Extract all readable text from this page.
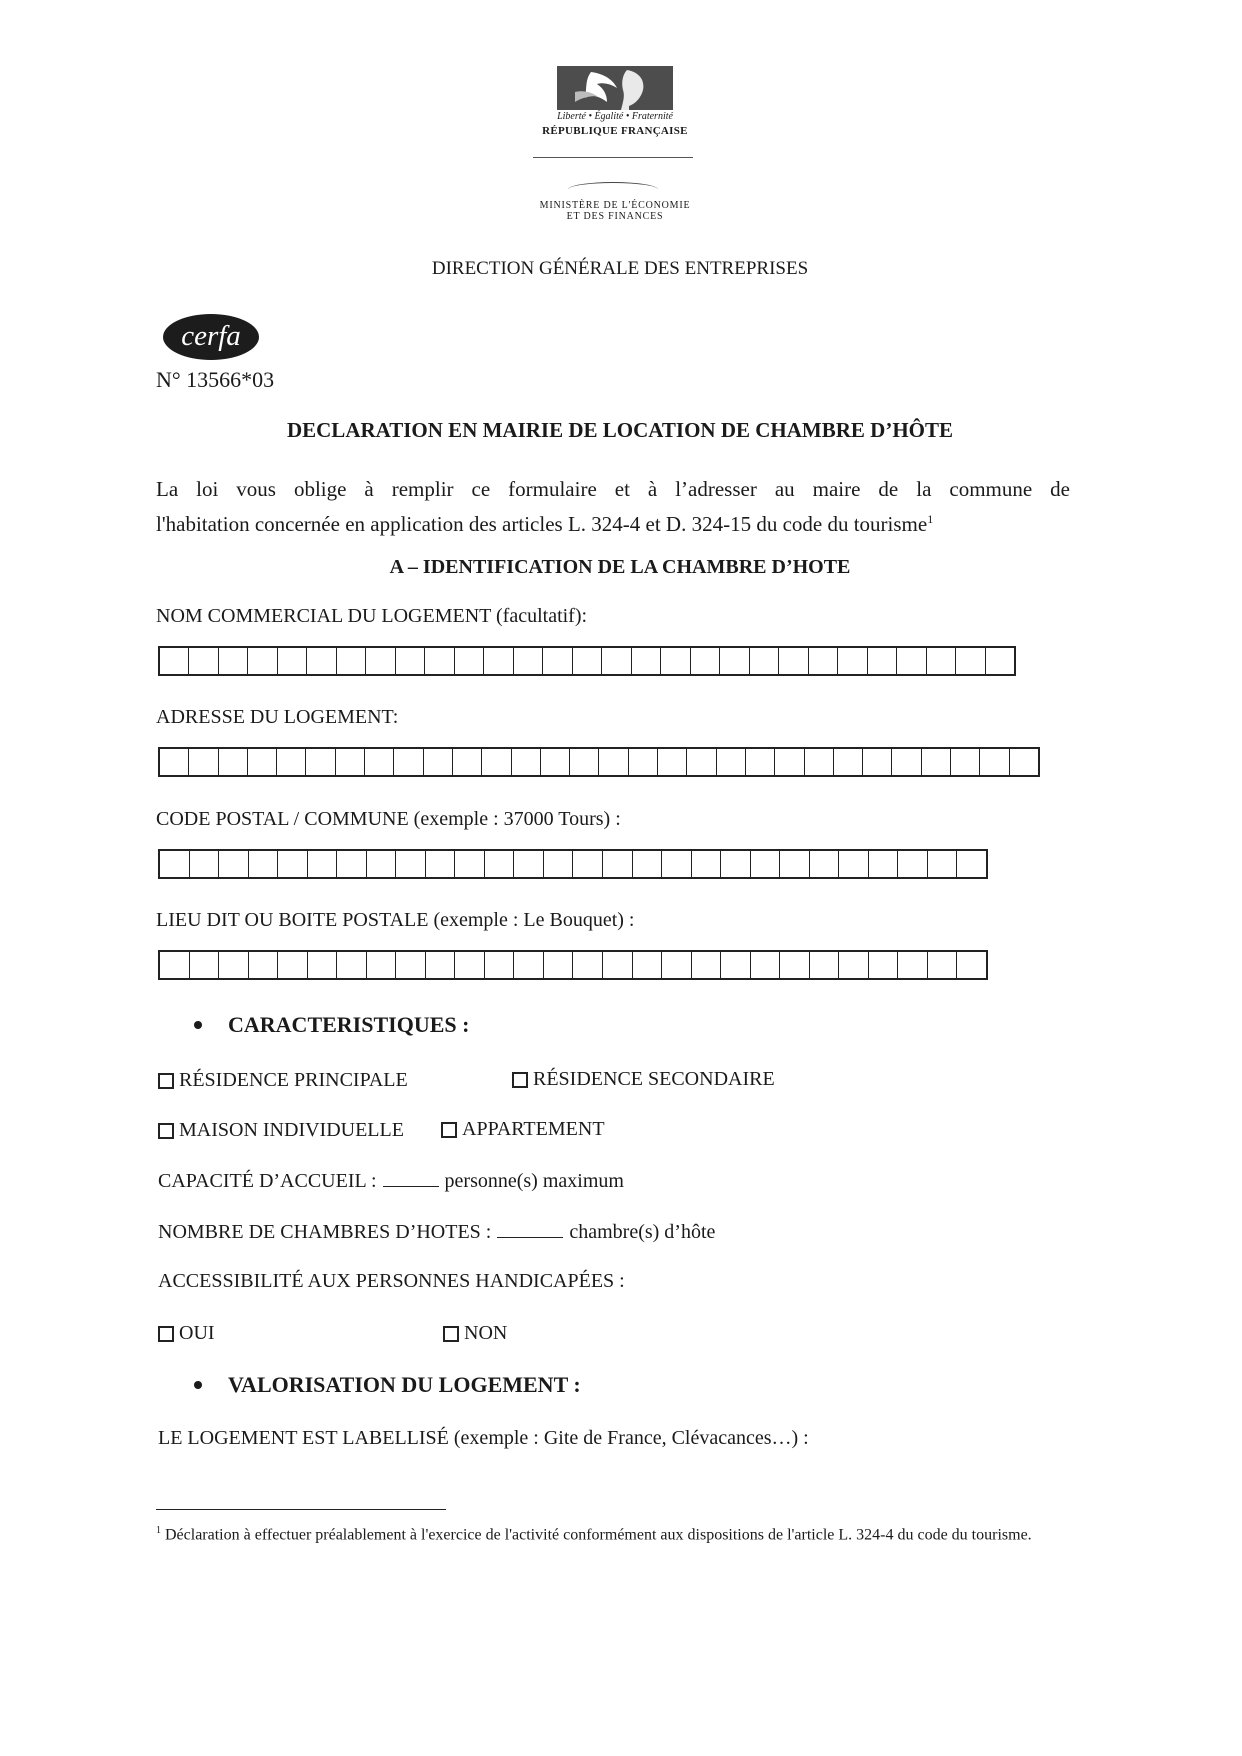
Liberté • Égalité • Fraternité
RÉPUBLIQUE FRANÇAISE
MINISTÈRE DE L'ÉCONOMIE
ET DES FINANCES
DIRECTION GÉNÉRALE DES ENTREPRISES
cerfa
N° 13566*03
DECLARATION EN MAIRIE DE LOCATION DE CHAMBRE D’HÔTE
La loi vous oblige à remplir ce formulaire et à l’adresser au maire de la commune de
l'habitation concernée en application des articles L. 324-4 et D. 324-15 du code du tourisme$^1$
A – IDENTIFICATION DE LA CHAMBRE D’HOTE
NOM COMMERCIAL DU LOGEMENT (facultatif):
ADRESSE DU LOGEMENT:
CODE POSTAL / COMMUNE (exemple : 37000 Tours) :
LIEU DIT OU BOITE POSTALE (exemple : Le Bouquet) :
CARACTERISTIQUES :
RÉSIDENCE PRINCIPALE	RÉSIDENCE SECONDAIRE
MAISON INDIVIDUELLE	APPARTEMENT
CAPACITÉ D’ACCUEIL :	personne(s) maximum
NOMBRE DE CHAMBRES D’HOTES :	chambre(s) d’hôte
ACCESSIBILITÉ AUX PERSONNES HANDICAPÉES :
OUI	NON
VALORISATION DU LOGEMENT :
LE LOGEMENT EST LABELLISÉ (exemple : Gite de France, Clévacances…) :
$^1$ Déclaration à effectuer préalablement à l'exercice de l'activité conformément aux dispositions de l'article L. 324-4 du code du tourisme.
